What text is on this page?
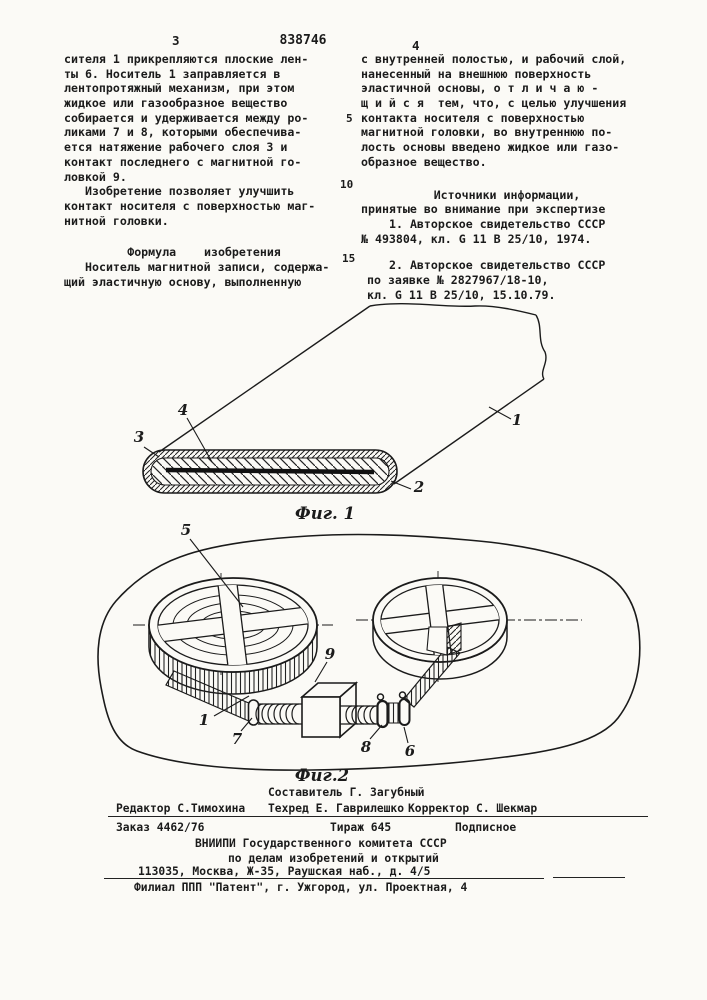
3	838746	4
5
10
15
сителя 1 прикрепляются плоские лен-
ты 6. Носитель 1 заправляется в
лентопротяжный механизм, при этом
жидкое или газообразное вещество
собирается и удерживается между ро-
ликами 7 и 8, которыми обеспечива-
ется натяжение рабочего слоя 3 и
контакт последнего с магнитной го-
ловкой 9.
Изобретение позволяет улучшить
контакт носителя с поверхностью маг-
нитной головки.
Формула    изобретения
Носитель магнитной записи, содержа-
щий эластичную основу, выполненную
с внутренней полостью, и рабочий слой,
нанесенный на внешнюю поверхность
эластичной основы, о т л и ч а ю -
щ и й с я  тем, что, с целью улучшения
контакта носителя с поверхностью
магнитной головки, во внутреннюю по-
лость основы введено жидкое или газо-
образное вещество.
Источники информации,
принятые во внимание при экспертизе
1. Авторское свидетельство СССР
№ 493804, кл. G 11 В 25/10, 1974.
2. Авторское свидетельство СССР
по заявке № 2827967/18-10,
кл. G 11 В 25/10, 15.10.79.
4
3
1
2
Фиг. 1
5
1
7
9
8 6
Фиг.2
Составитель Г. Загубный
Редактор С.Тимохина Техред Е. Гаврилешко Корректор С. Шекмар
Заказ 4462/76	Тираж 645	Подписное
ВНИИПИ Государственного комитета СССР
по делам изобретений и открытий
113035, Москва, Ж-35, Раушская наб., д. 4/5
Филиал ППП "Патент", г. Ужгород, ул. Проектная, 4
